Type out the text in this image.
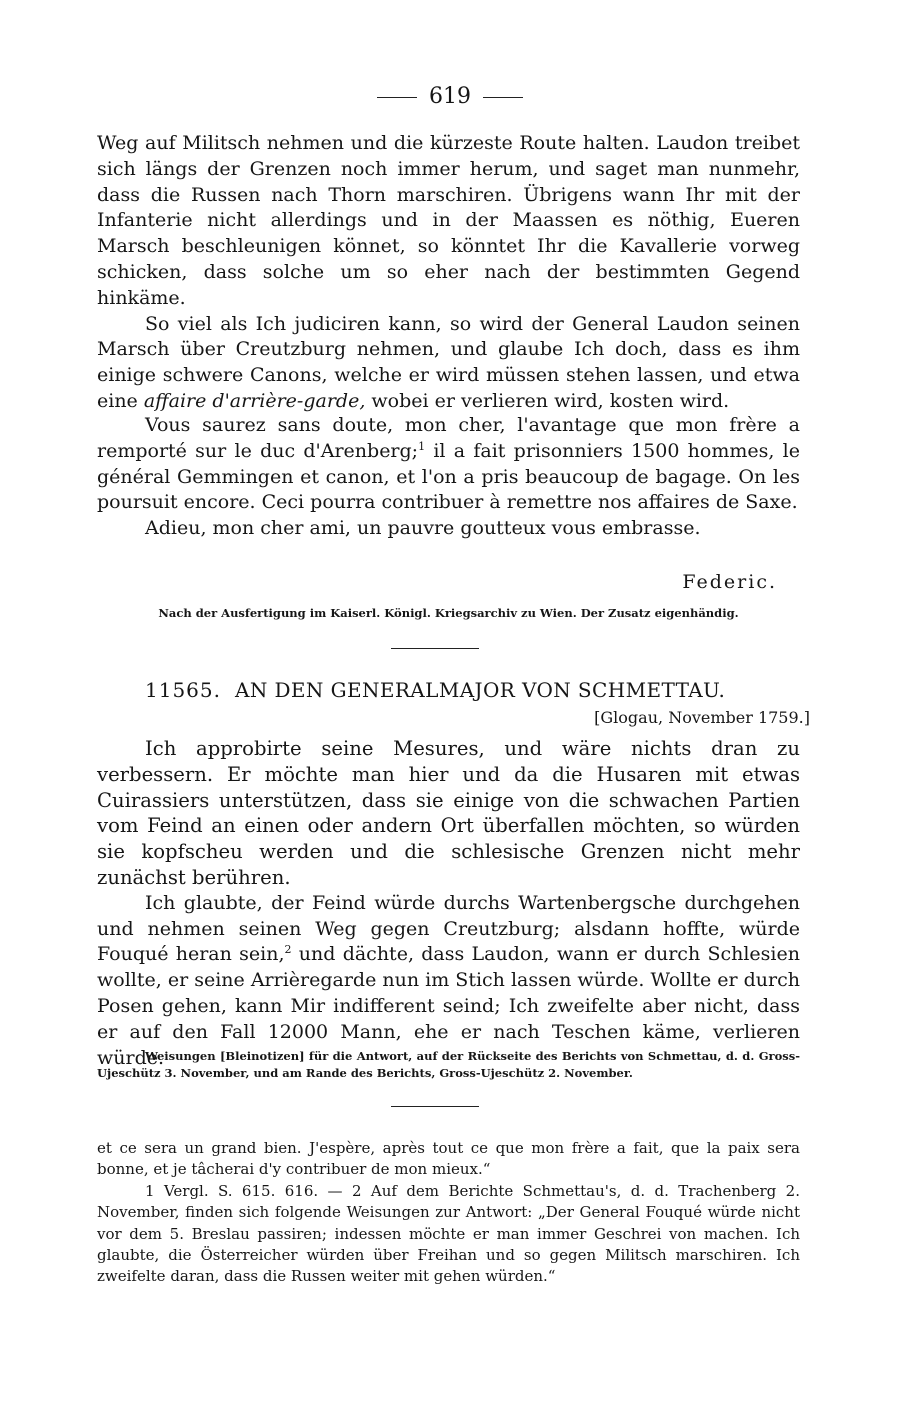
619

Weg auf Militsch nehmen und die kürzeste Route halten. Laudon treibet sich längs der Grenzen noch immer herum, und saget man nunmehr, dass die Russen nach Thorn marschiren. Übrigens wann Ihr mit der Infanterie nicht allerdings und in der Maassen es nöthig, Eueren Marsch beschleunigen könnet, so könntet Ihr die Kavallerie vorweg schicken, dass solche um so eher nach der bestimmten Gegend hinkäme.

So viel als Ich judiciren kann, so wird der General Laudon seinen Marsch über Creutzburg nehmen, und glaube Ich doch, dass es ihm einige schwere Canons, welche er wird müssen stehen lassen, und etwa eine affaire d'arrière-garde, wobei er verlieren wird, kosten wird.

Vous saurez sans doute, mon cher, l'avantage que mon frère a remporté sur le duc d'Arenberg;$^1$ il a fait prisonniers 1500 hommes, le général Gemmingen et canon, et l'on a pris beaucoup de bagage. On les poursuit encore. Ceci pourra contribuer à remettre nos affaires de Saxe.

Adieu, mon cher ami, un pauvre goutteux vous embrasse.

Federic.
Nach der Ausfertigung im Kaiserl. Königl. Kriegsarchiv zu Wien. Der Zusatz eigenhändig.
11565. AN DEN GENERALMAJOR VON SCHMETTAU.
[Glogau, November 1759.]

Ich approbirte seine Mesures, und wäre nichts dran zu verbessern. Er möchte man hier und da die Husaren mit etwas Cuirassiers unterstützen, dass sie einige von die schwachen Partien vom Feind an einen oder andern Ort überfallen möchten, so würden sie kopfscheu werden und die schlesische Grenzen nicht mehr zunächst berühren.

Ich glaubte, der Feind würde durchs Wartenbergsche durchgehen und nehmen seinen Weg gegen Creutzburg; alsdann hoffte, würde Fouqué heran sein,$^2$ und dächte, dass Laudon, wann er durch Schlesien wollte, er seine Arrièregarde nun im Stich lassen würde. Wollte er durch Posen gehen, kann Mir indifferent seind; Ich zweifelte aber nicht, dass er auf den Fall 12000 Mann, ehe er nach Teschen käme, verlieren würde.

Weisungen [Bleinotizen] für die Antwort, auf der Rückseite des Berichts von Schmettau, d. d. Gross-Ujeschütz 3. November, und am Rande des Berichts, Gross-Ujeschütz 2. November.

et ce sera un grand bien. J'espère, après tout ce que mon frère a fait, que la paix sera bonne, et je tâcherai d'y contribuer de mon mieux.“

1 Vergl. S. 615. 616. — 2 Auf dem Berichte Schmettau's, d. d. Trachenberg 2. November, finden sich folgende Weisungen zur Antwort: „Der General Fouqué würde nicht vor dem 5. Breslau passiren; indessen möchte er man immer Geschrei von machen. Ich glaubte, die Österreicher würden über Freihan und so gegen Militsch marschiren. Ich zweifelte daran, dass die Russen weiter mit gehen würden.“
